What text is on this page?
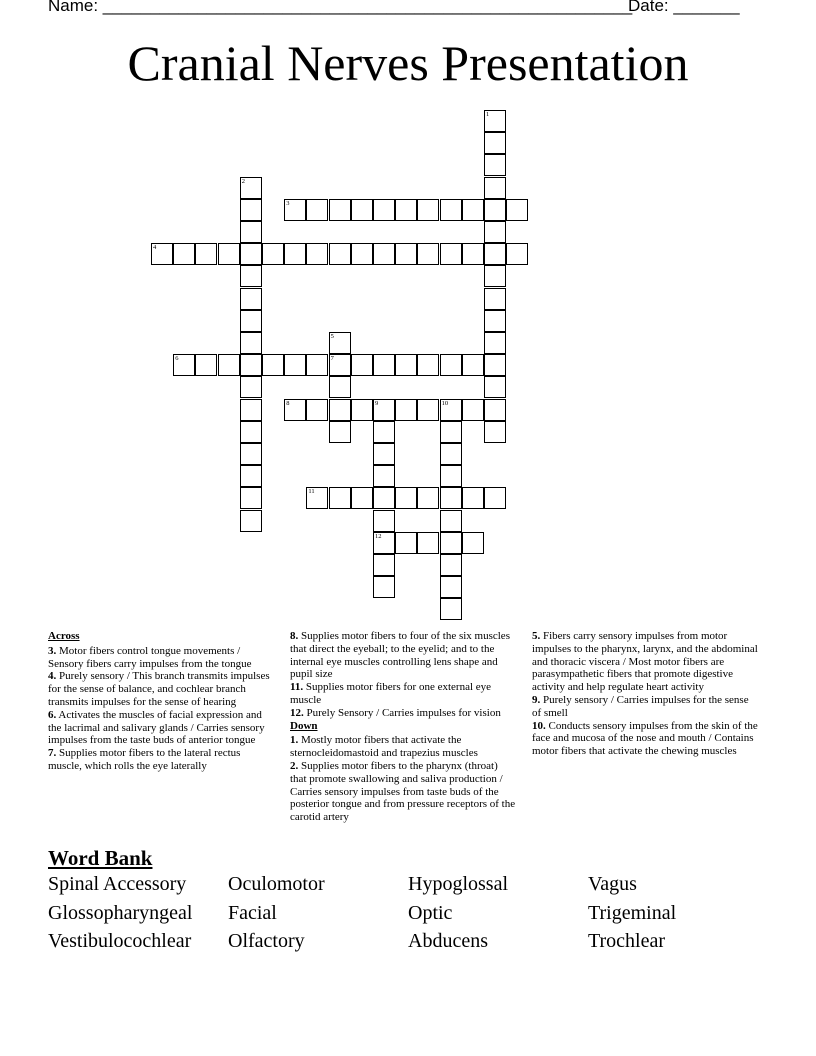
Name: ________________________________________________________
Date: _______
Cranial Nerves Presentation
1
2
3
4
5
7
6
8	9	10
12
11
Across

3. Motor fibers control tongue movements / Sensory fibers carry impulses from the tongue

4. Purely sensory / This branch transmits impulses for the sense of balance, and cochlear branch transmits impulses for the sense of hearing

6. Activates the muscles of facial expression and the lacrimal and salivary glands / Carries sensory impulses from the taste buds of anterior tongue

7. Supplies motor fibers to the lateral rectus muscle, which rolls the eye laterally

8. Supplies motor fibers to four of the six muscles that direct the eyeball; to the eyelid; and to the internal eye muscles controlling lens shape and pupil size

11. Supplies motor fibers for one external eye muscle

12. Purely Sensory / Carries impulses for vision

Down

1. Mostly motor fibers that activate the sternocleidomastoid and trapezius muscles

2. Supplies motor fibers to the pharynx (throat) that promote swallowing and saliva production / Carries sensory impulses from taste buds of the posterior tongue and from pressure receptors of the carotid artery

5. Fibers carry sensory impulses from motor impulses to the pharynx, larynx, and the abdominal and thoracic viscera / Most motor fibers are parasympathetic fibers that promote digestive activity and help regulate heart activity

9. Purely sensory / Carries impulses for the sense of smell

10. Conducts sensory impulses from the skin of the face and mucosa of the nose and mouth / Contains motor fibers that activate the chewing muscles

Word Bank
Spinal Accessory	Oculomotor	Hypoglossal	Vagus
Glossopharyngeal	Facial	Optic	Trigeminal
Vestibulocochlear	Olfactory	Abducens	Trochlear
